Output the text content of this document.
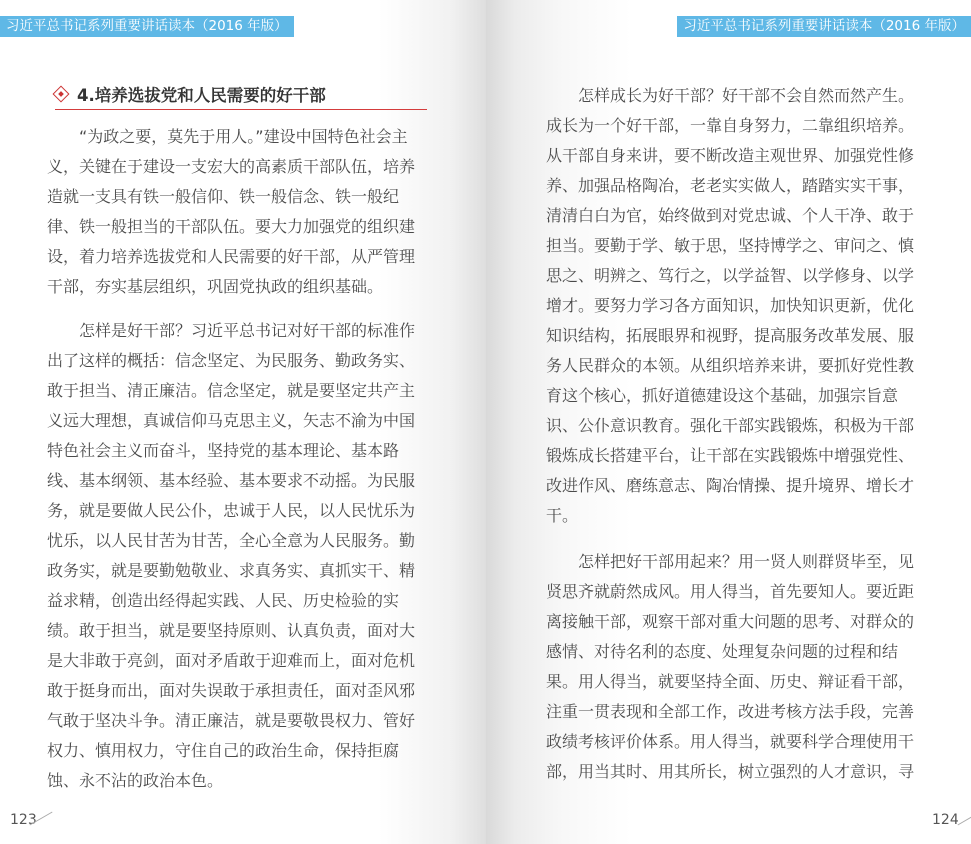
习近平总书记系列重要讲话读本（2016 年版）
4.培养选拔党和人民需要的好干部

“为政之要，莫先于用人。”建设中国特色社会主义，关键在于建设一支宏大的高素质干部队伍，培养造就一支具有铁一般信仰、铁一般信念、铁一般纪律、铁一般担当的干部队伍。要大力加强党的组织建设，着力培养选拔党和人民需要的好干部，从严管理干部，夯实基层组织，巩固党执政的组织基础。

怎样是好干部？习近平总书记对好干部的标准作出了这样的概括：信念坚定、为民服务、勤政务实、敢于担当、清正廉洁。信念坚定，就是要坚定共产主义远大理想，真诚信仰马克思主义，矢志不渝为中国特色社会主义而奋斗，坚持党的基本理论、基本路线、基本纲领、基本经验、基本要求不动摇。为民服务，就是要做人民公仆，忠诚于人民，以人民忧乐为忧乐，以人民甘苦为甘苦，全心全意为人民服务。勤政务实，就是要勤勉敬业、求真务实、真抓实干、精益求精，创造出经得起实践、人民、历史检验的实绩。敢于担当，就是要坚持原则、认真负责，面对大是大非敢于亮剑，面对矛盾敢于迎难而上，面对危机敢于挺身而出，面对失误敢于承担责任，面对歪风邪气敢于坚决斗争。清正廉洁，就是要敬畏权力、管好权力、慎用权力，守住自己的政治生命，保持拒腐蚀、永不沾的政治本色。

123
习近平总书记系列重要讲话读本（2016 年版）

怎样成长为好干部？好干部不会自然而然产生。成长为一个好干部，一靠自身努力，二靠组织培养。从干部自身来讲，要不断改造主观世界、加强党性修养、加强品格陶冶，老老实实做人，踏踏实实干事，清清白白为官，始终做到对党忠诚、个人干净、敢于担当。要勤于学、敏于思，坚持博学之、审问之、慎思之、明辨之、笃行之，以学益智、以学修身、以学增才。要努力学习各方面知识，加快知识更新，优化知识结构，拓展眼界和视野，提高服务改革发展、服务人民群众的本领。从组织培养来讲，要抓好党性教育这个核心，抓好道德建设这个基础，加强宗旨意识、公仆意识教育。强化干部实践锻炼，积极为干部锻炼成长搭建平台，让干部在实践锻炼中增强党性、改进作风、磨练意志、陶冶情操、提升境界、增长才干。

怎样把好干部用起来？用一贤人则群贤毕至，见贤思齐就蔚然成风。用人得当，首先要知人。要近距离接触干部，观察干部对重大问题的思考、对群众的感情、对待名利的态度、处理复杂问题的过程和结果。用人得当，就要坚持全面、历史、辩证看干部，注重一贯表现和全部工作，改进考核方法手段，完善政绩考核评价体系。用人得当，就要科学合理使用干部，用当其时、用其所长，树立强烈的人才意识，寻

124
